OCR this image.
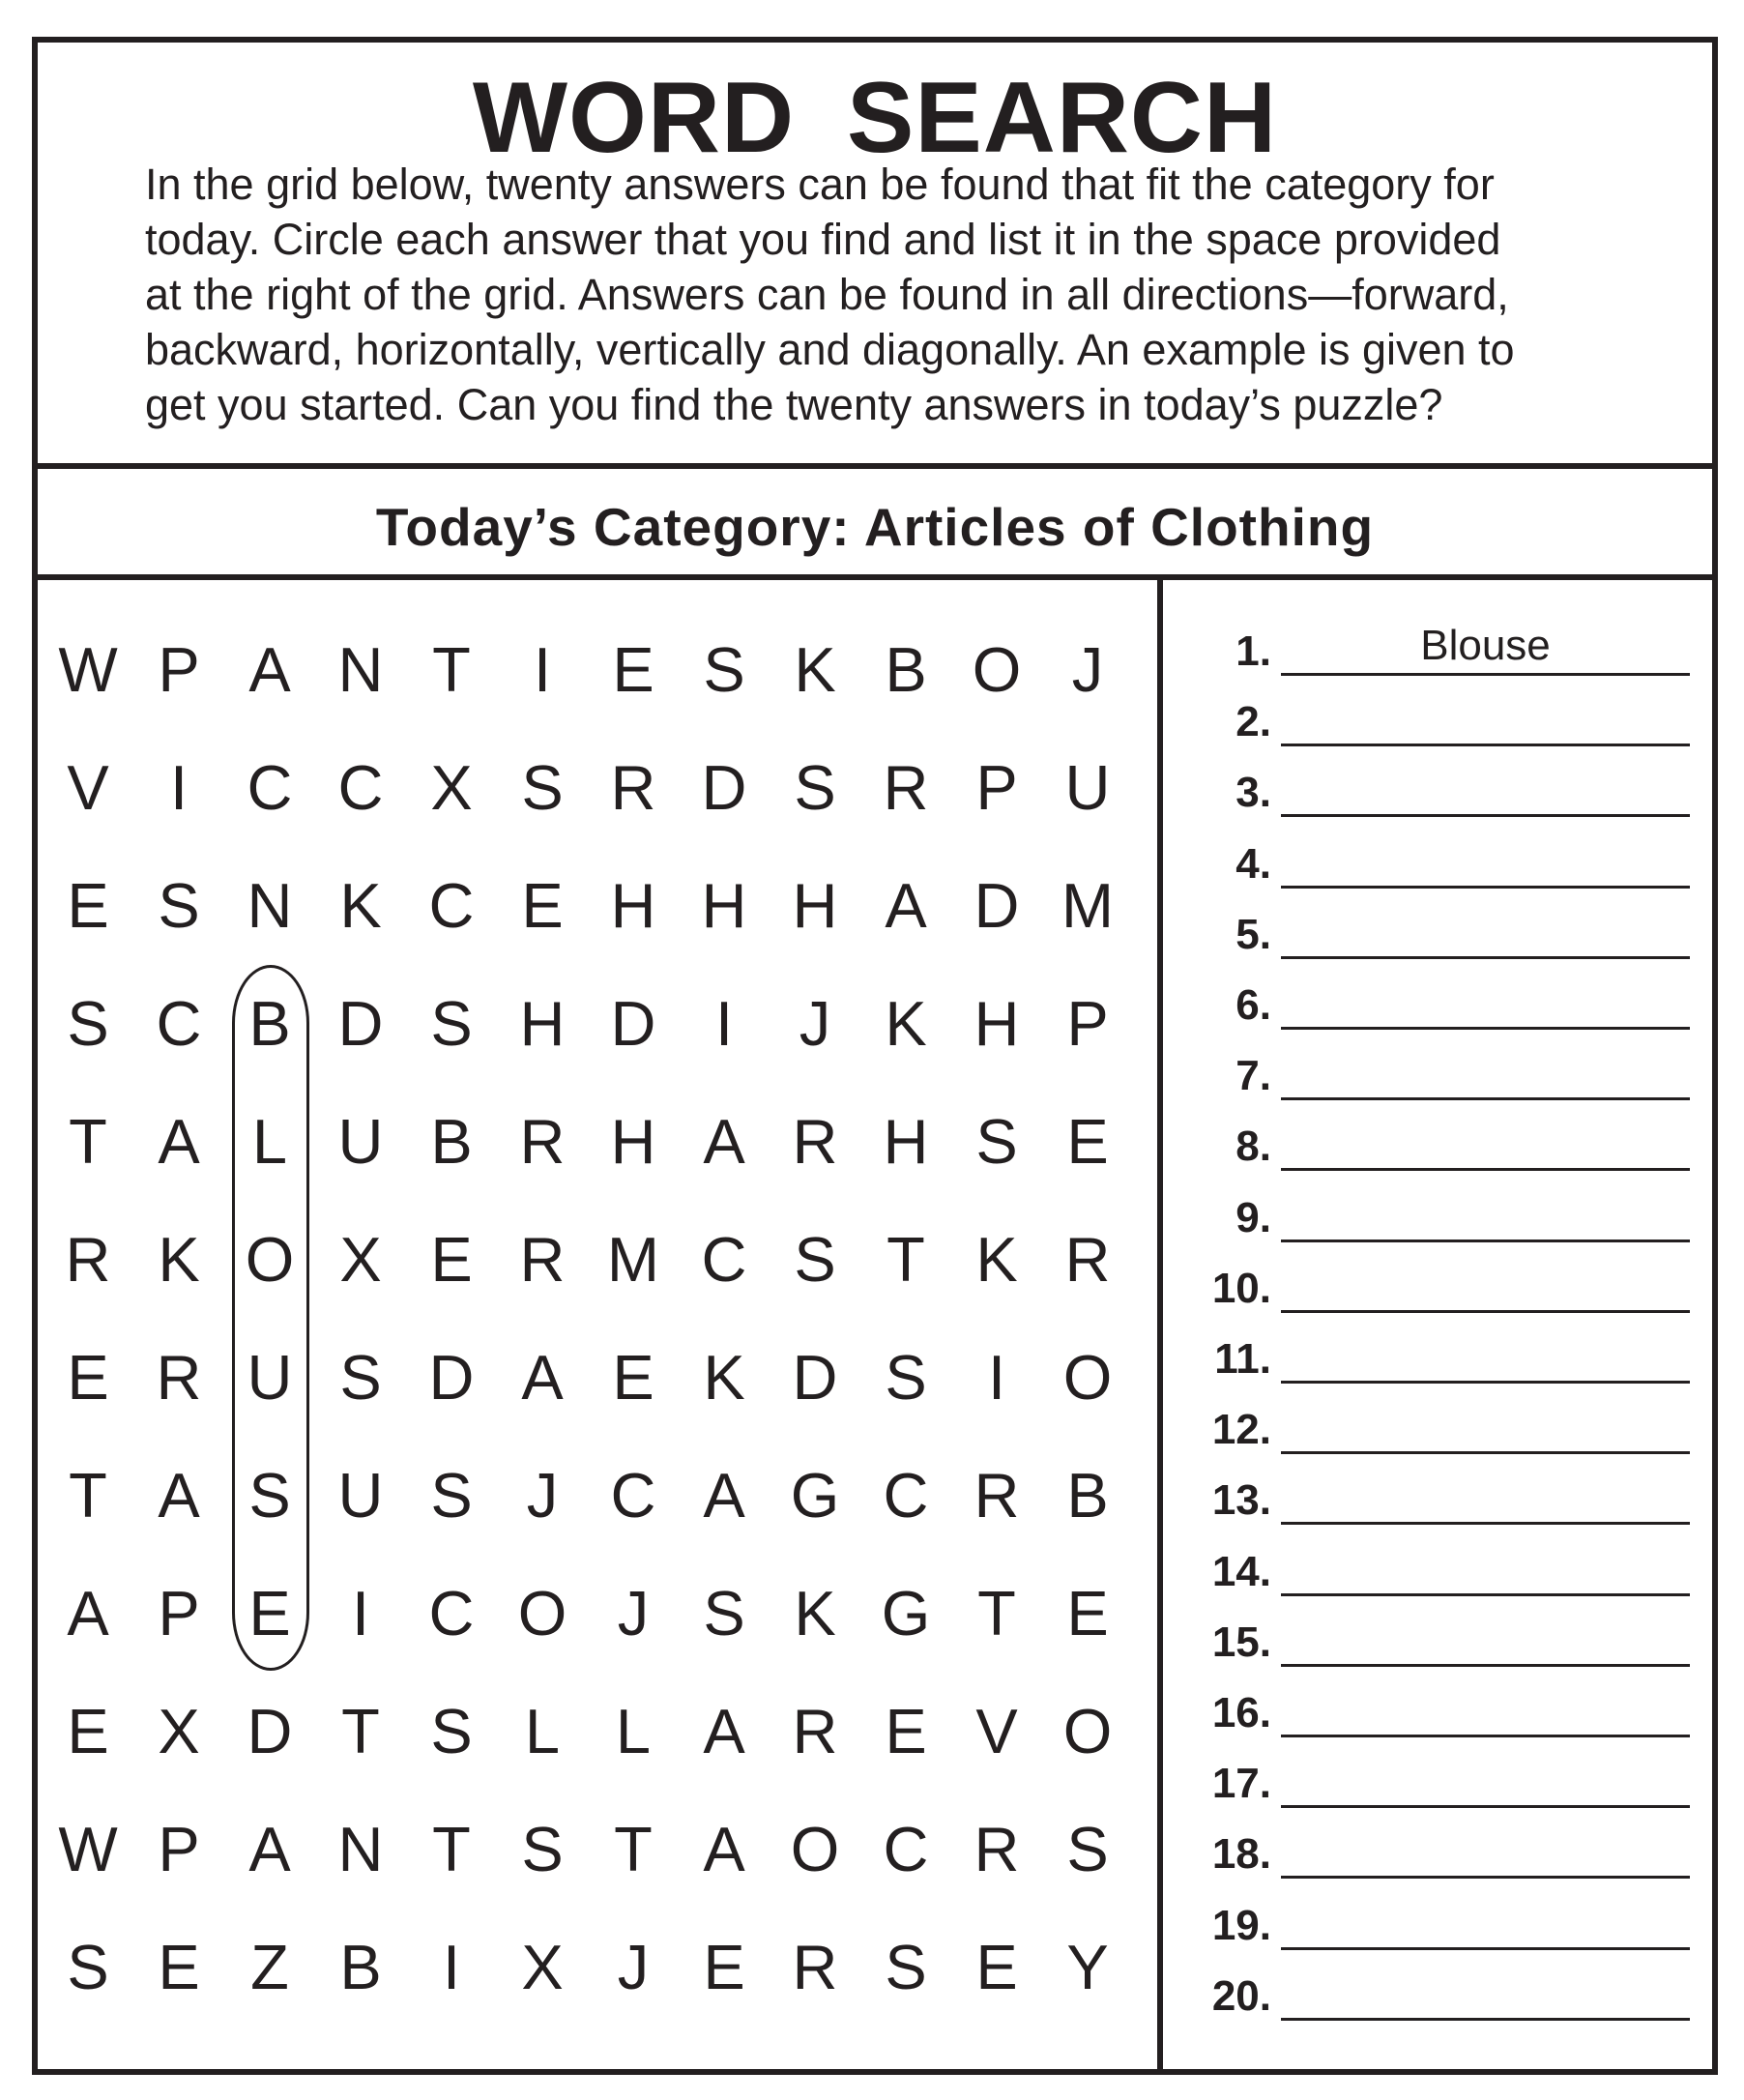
WORD SEARCH
In the grid below, twenty answers can be found that fit the category for
today. Circle each answer that you find and list it in the space provided
at the right of the grid. Answers can be found in all directions—forward,
backward, horizontally, vertically and diagonally. An example is given to
get you started. Can you find the twenty answers in today’s puzzle?
Today’s Category: Articles of Clothing
W P A N T	I E S K B O J
V I C C X S R D S R P U
E S N K C E H H H A D M
S C B D S H D I	J K H P
T A L U B R H A R H S E
R K O X E R M C S T K R
E R U S D A E K D S I O
T A S U S J C A G C R B
A P E I C O J S K G T E
E X D T S L L A R E V O
W P A N T S T A O C R S
S E Z B I X J E R S E Y
1.	Blouse
2.
3.
4.
5.
6.
7.
8.
9.
10.
11.
12.
13.
14.
15.
16.
17.
18.
19.
20.
